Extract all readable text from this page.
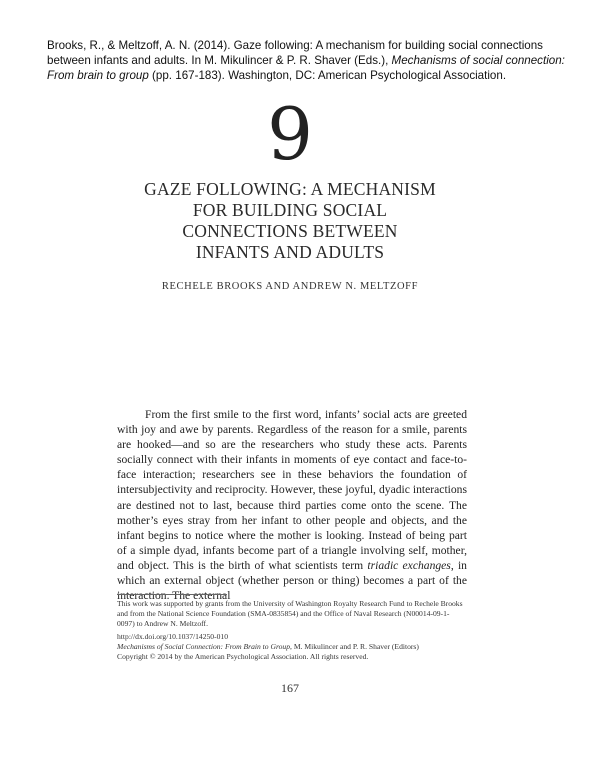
Brooks, R., & Meltzoff, A. N. (2014). Gaze following: A mechanism for building social connections
between infants and adults. In M. Mikulincer & P. R. Shaver (Eds.), Mechanisms of social connection:
From brain to group (pp. 167-183). Washington, DC: American Psychological Association.
9
GAZE FOLLOWING: A MECHANISM
FOR BUILDING SOCIAL
CONNECTIONS BETWEEN
INFANTS AND ADULTS
RECHELE BROOKS AND ANDREW N. MELTZOFF

From the first smile to the first word, infants’ social acts are greeted with joy and awe by parents. Regardless of the reason for a smile, parents are hooked—and so are the researchers who study these acts. Parents socially connect with their infants in moments of eye contact and face-to-face interaction; researchers see in these behaviors the foundation of intersubjectivity and reciprocity. However, these joyful, dyadic interactions are destined not to last, because third parties come onto the scene. The mother’s eyes stray from her infant to other people and objects, and the infant begins to notice where the mother is looking. Instead of being part of a simple dyad, infants become part of a triangle involving self, mother, and object. This is the birth of what scientists term triadic exchanges, in which an external object (whether person or thing) becomes a part of the interaction. The external

This work was supported by grants from the University of Washington Royalty Research Fund to Rechele Brooks and from the National Science Foundation (SMA-0835854) and the Office of Naval Research (N00014-09-1-0097) to Andrew N. Meltzoff.

http://dx.doi.org/10.1037/14250-010
Mechanisms of Social Connection: From Brain to Group, M. Mikulincer and P. R. Shaver (Editors)
Copyright © 2014 by the American Psychological Association. All rights reserved.

167
